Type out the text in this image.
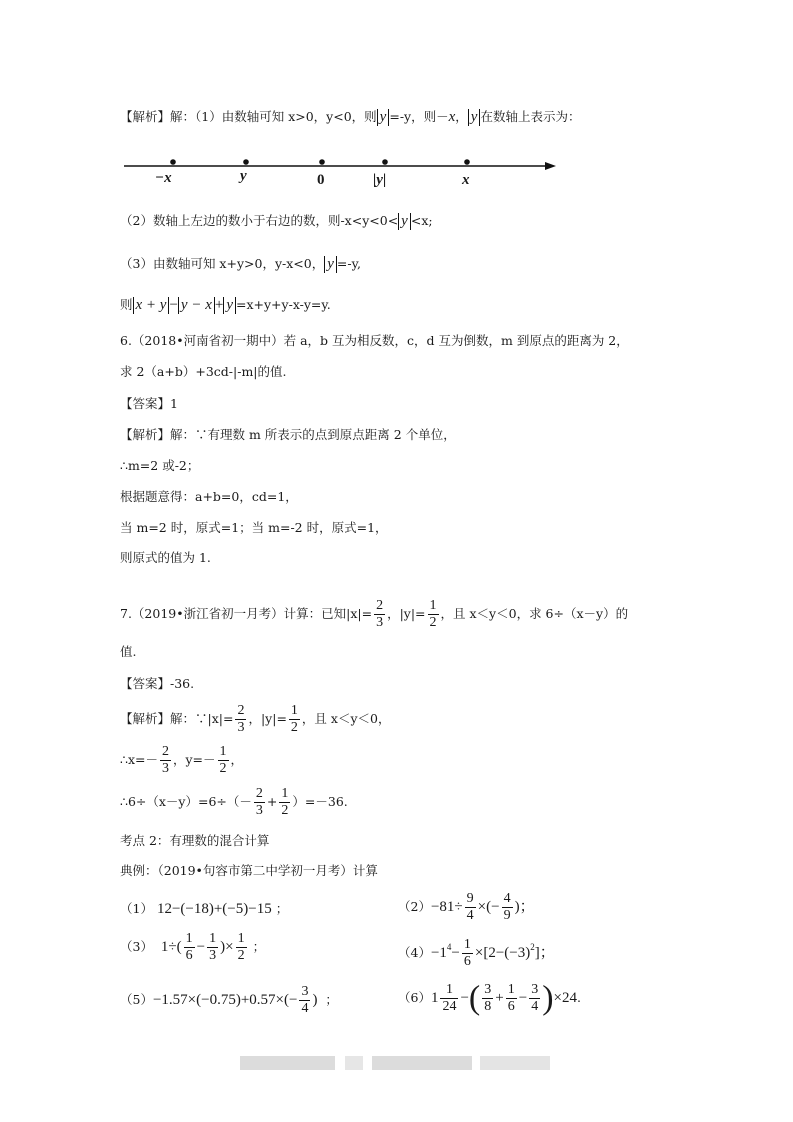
【解析】解：（1）由数轴可知 x>0，y<0，则 y =-y，则－x， y 在数轴上表示为：
−x	y	0	|y|	x
（2）数轴上左边的数小于右边的数，则-x<y<0< y <x;
（3）由数轴可知 x+y>0，y-x<0， y =-y,
则 x + y − y − x + y =x+y+y-x-y=y.
6.（2018•河南省初一期中）若 a，b 互为相反数，c，d 互为倒数，m 到原点的距离为 2，
求 2（a+b）+3cd-|-m|的值.
【答案】1
【解析】解：∵有理数 m 所表示的点到原点距离 2 个单位，
∴m=2 或-2；
根据题意得：a+b=0，cd=1，
当 m=2 时，原式=1；当 m=-2 时，原式=1，
则原式的值为 1.
7.（2019•浙江省初一月考）计算：已知$|x|= \frac{2}{3}$ ，$|y|= \frac{1}{2}$ ，且 x＜y＜0，求 6÷（x－y）的
值.
【答案】-36.
【解析】解：∵|x|= $\frac{2}{3}$ ，$|y|= \frac{1}{2}$ ，且 x＜y＜0，
∴x=－ $\frac{2}{3}$ ，$y=- \frac{1}{2}$ ，
∴6÷（x－y）=6÷（－ $\frac{2}{3} + \frac{1}{2} )=-36$.
考点 2：有理数的混合计算
典例：（2019•句容市第二中学初一月考）计算
（1） 12−(−18)+(−5)−15 ；	$(2)-81\div \frac{9}{4}$ ×(− $\frac{4}{9}$ )；
（3） $1\div( \frac{1}{6} - \frac{1}{3}$ )× $\frac{1}{2}$ ；	$(4)-1^4- \frac{1}{6} \times[2-(-3)^2]$；
$(5)-1.57\times(-0.75)+0.57\times(- \frac{3}{4}$ ) ；	$(6)1 \frac{1}{24}$ −( $\frac{3}{8} + \frac{1}{6} - \frac{3}{4} )\times 24$.
